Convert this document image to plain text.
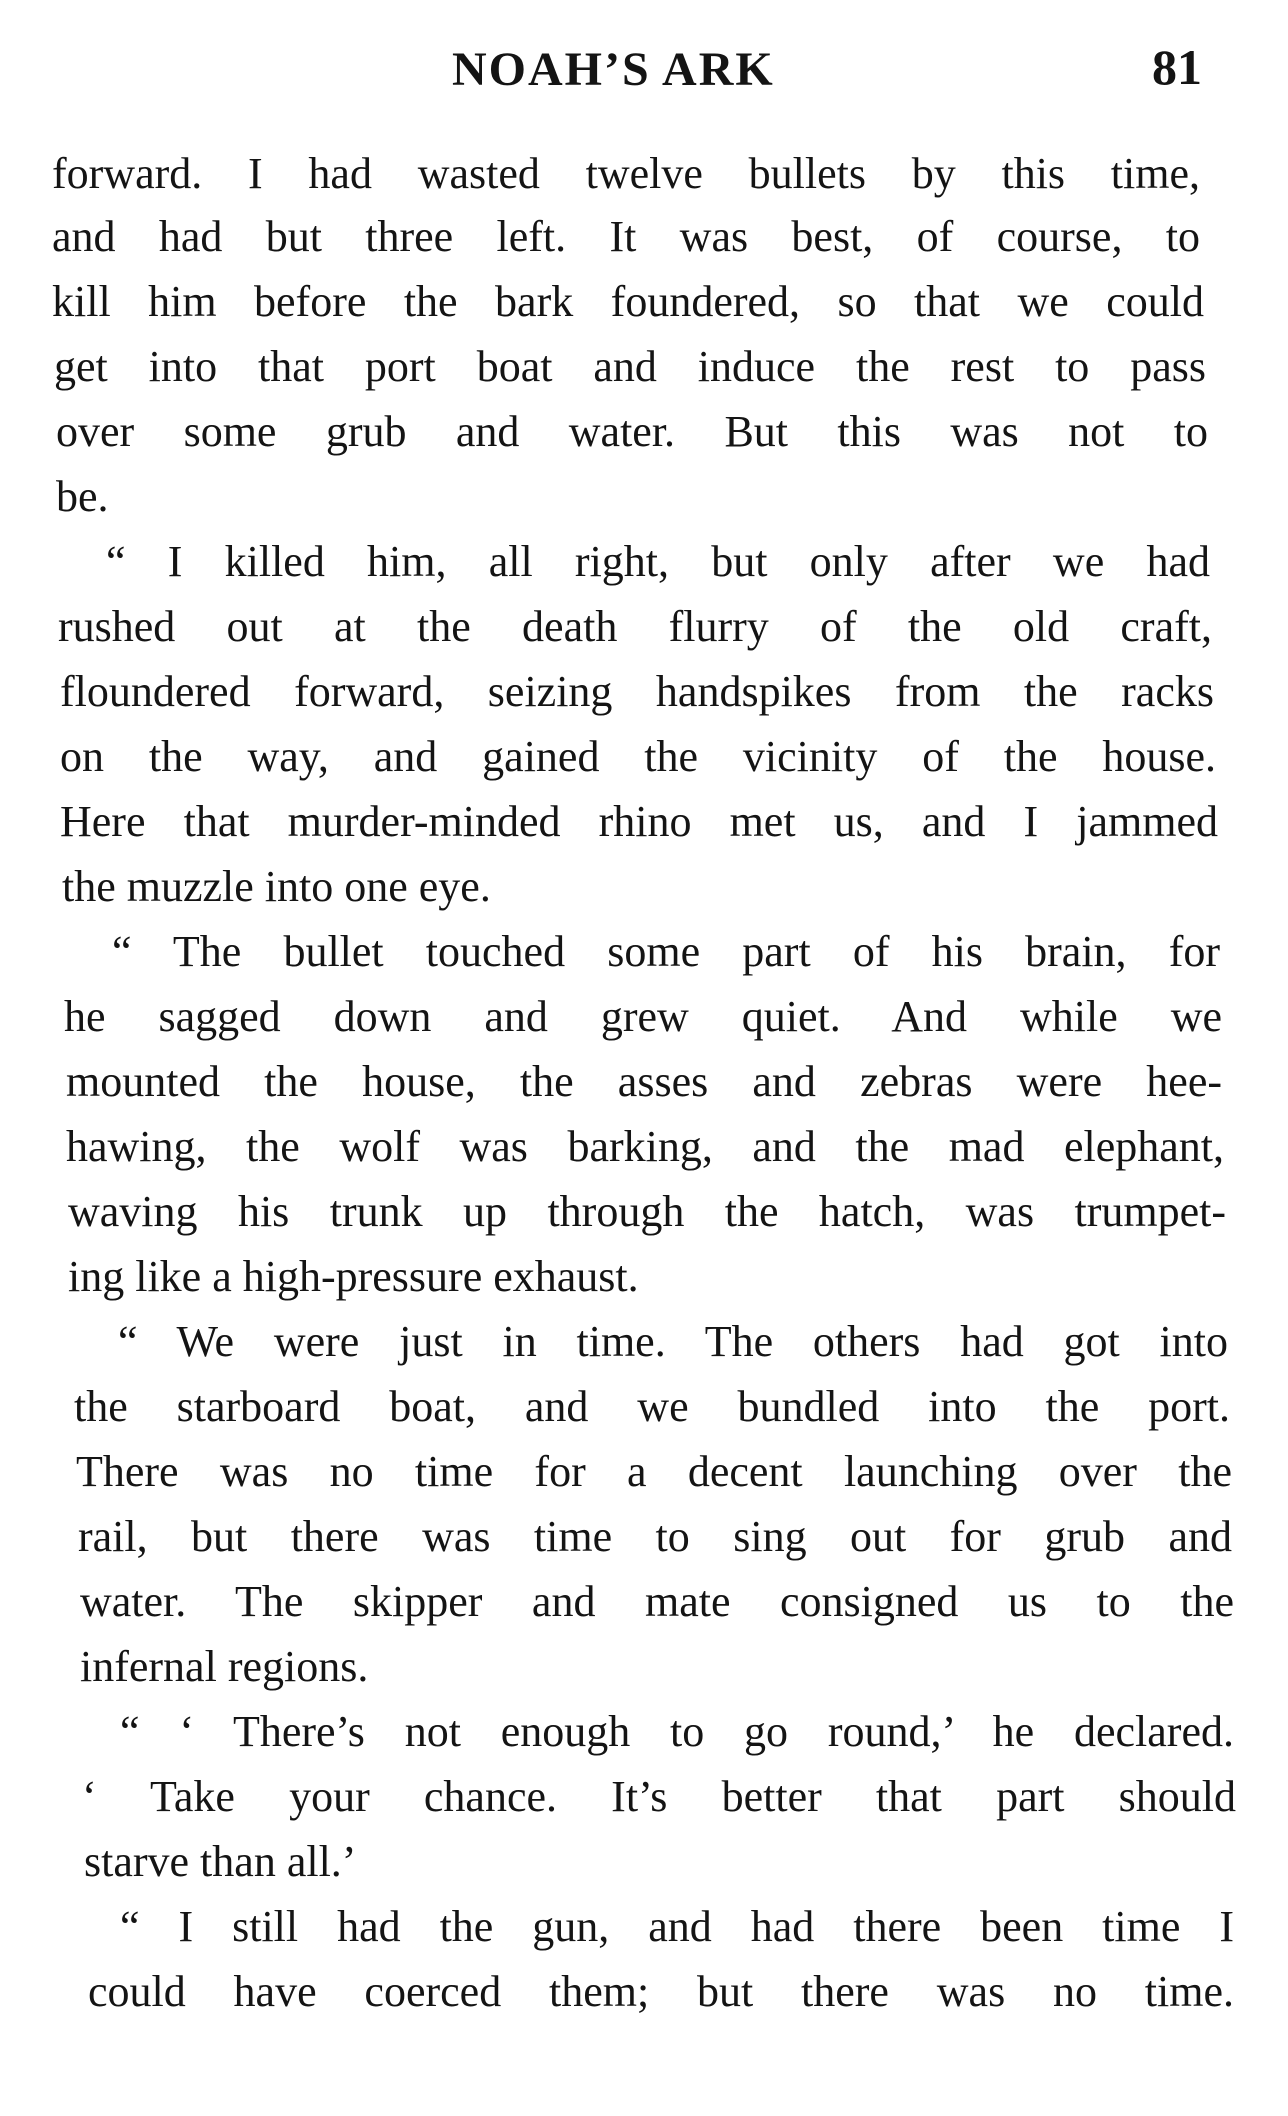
NOAH’S ARK	81
forward. I had wasted twelve bullets by this time,
and had but three left. It was best, of course, to
kill him before the bark foundered, so that we could
get into that port boat and induce the rest to pass
over some grub and water. But this was not to
be.
“ I killed him, all right, but only after we had
rushed out at the death flurry of the old craft,
floundered forward, seizing handspikes from the racks
on the way, and gained the vicinity of the house.
Here that murder-minded rhino met us, and I jammed
the muzzle into one eye.
“ The bullet touched some part of his brain, for
he sagged down and grew quiet. And while we
mounted the house, the asses and zebras were hee-
hawing, the wolf was barking, and the mad elephant,
waving his trunk up through the hatch, was trumpet-
ing like a high-pressure exhaust.
“ We were just in time. The others had got into
the starboard boat, and we bundled into the port.
There was no time for a decent launching over the
rail, but there was time to sing out for grub and
water. The skipper and mate consigned us to the
infernal regions.
“ ‘ There’s not enough to go round,’ he declared.
‘ Take your chance. It’s better that part should
starve than all.’
“ I still had the gun, and had there been time I
could have coerced them; but there was no time.
